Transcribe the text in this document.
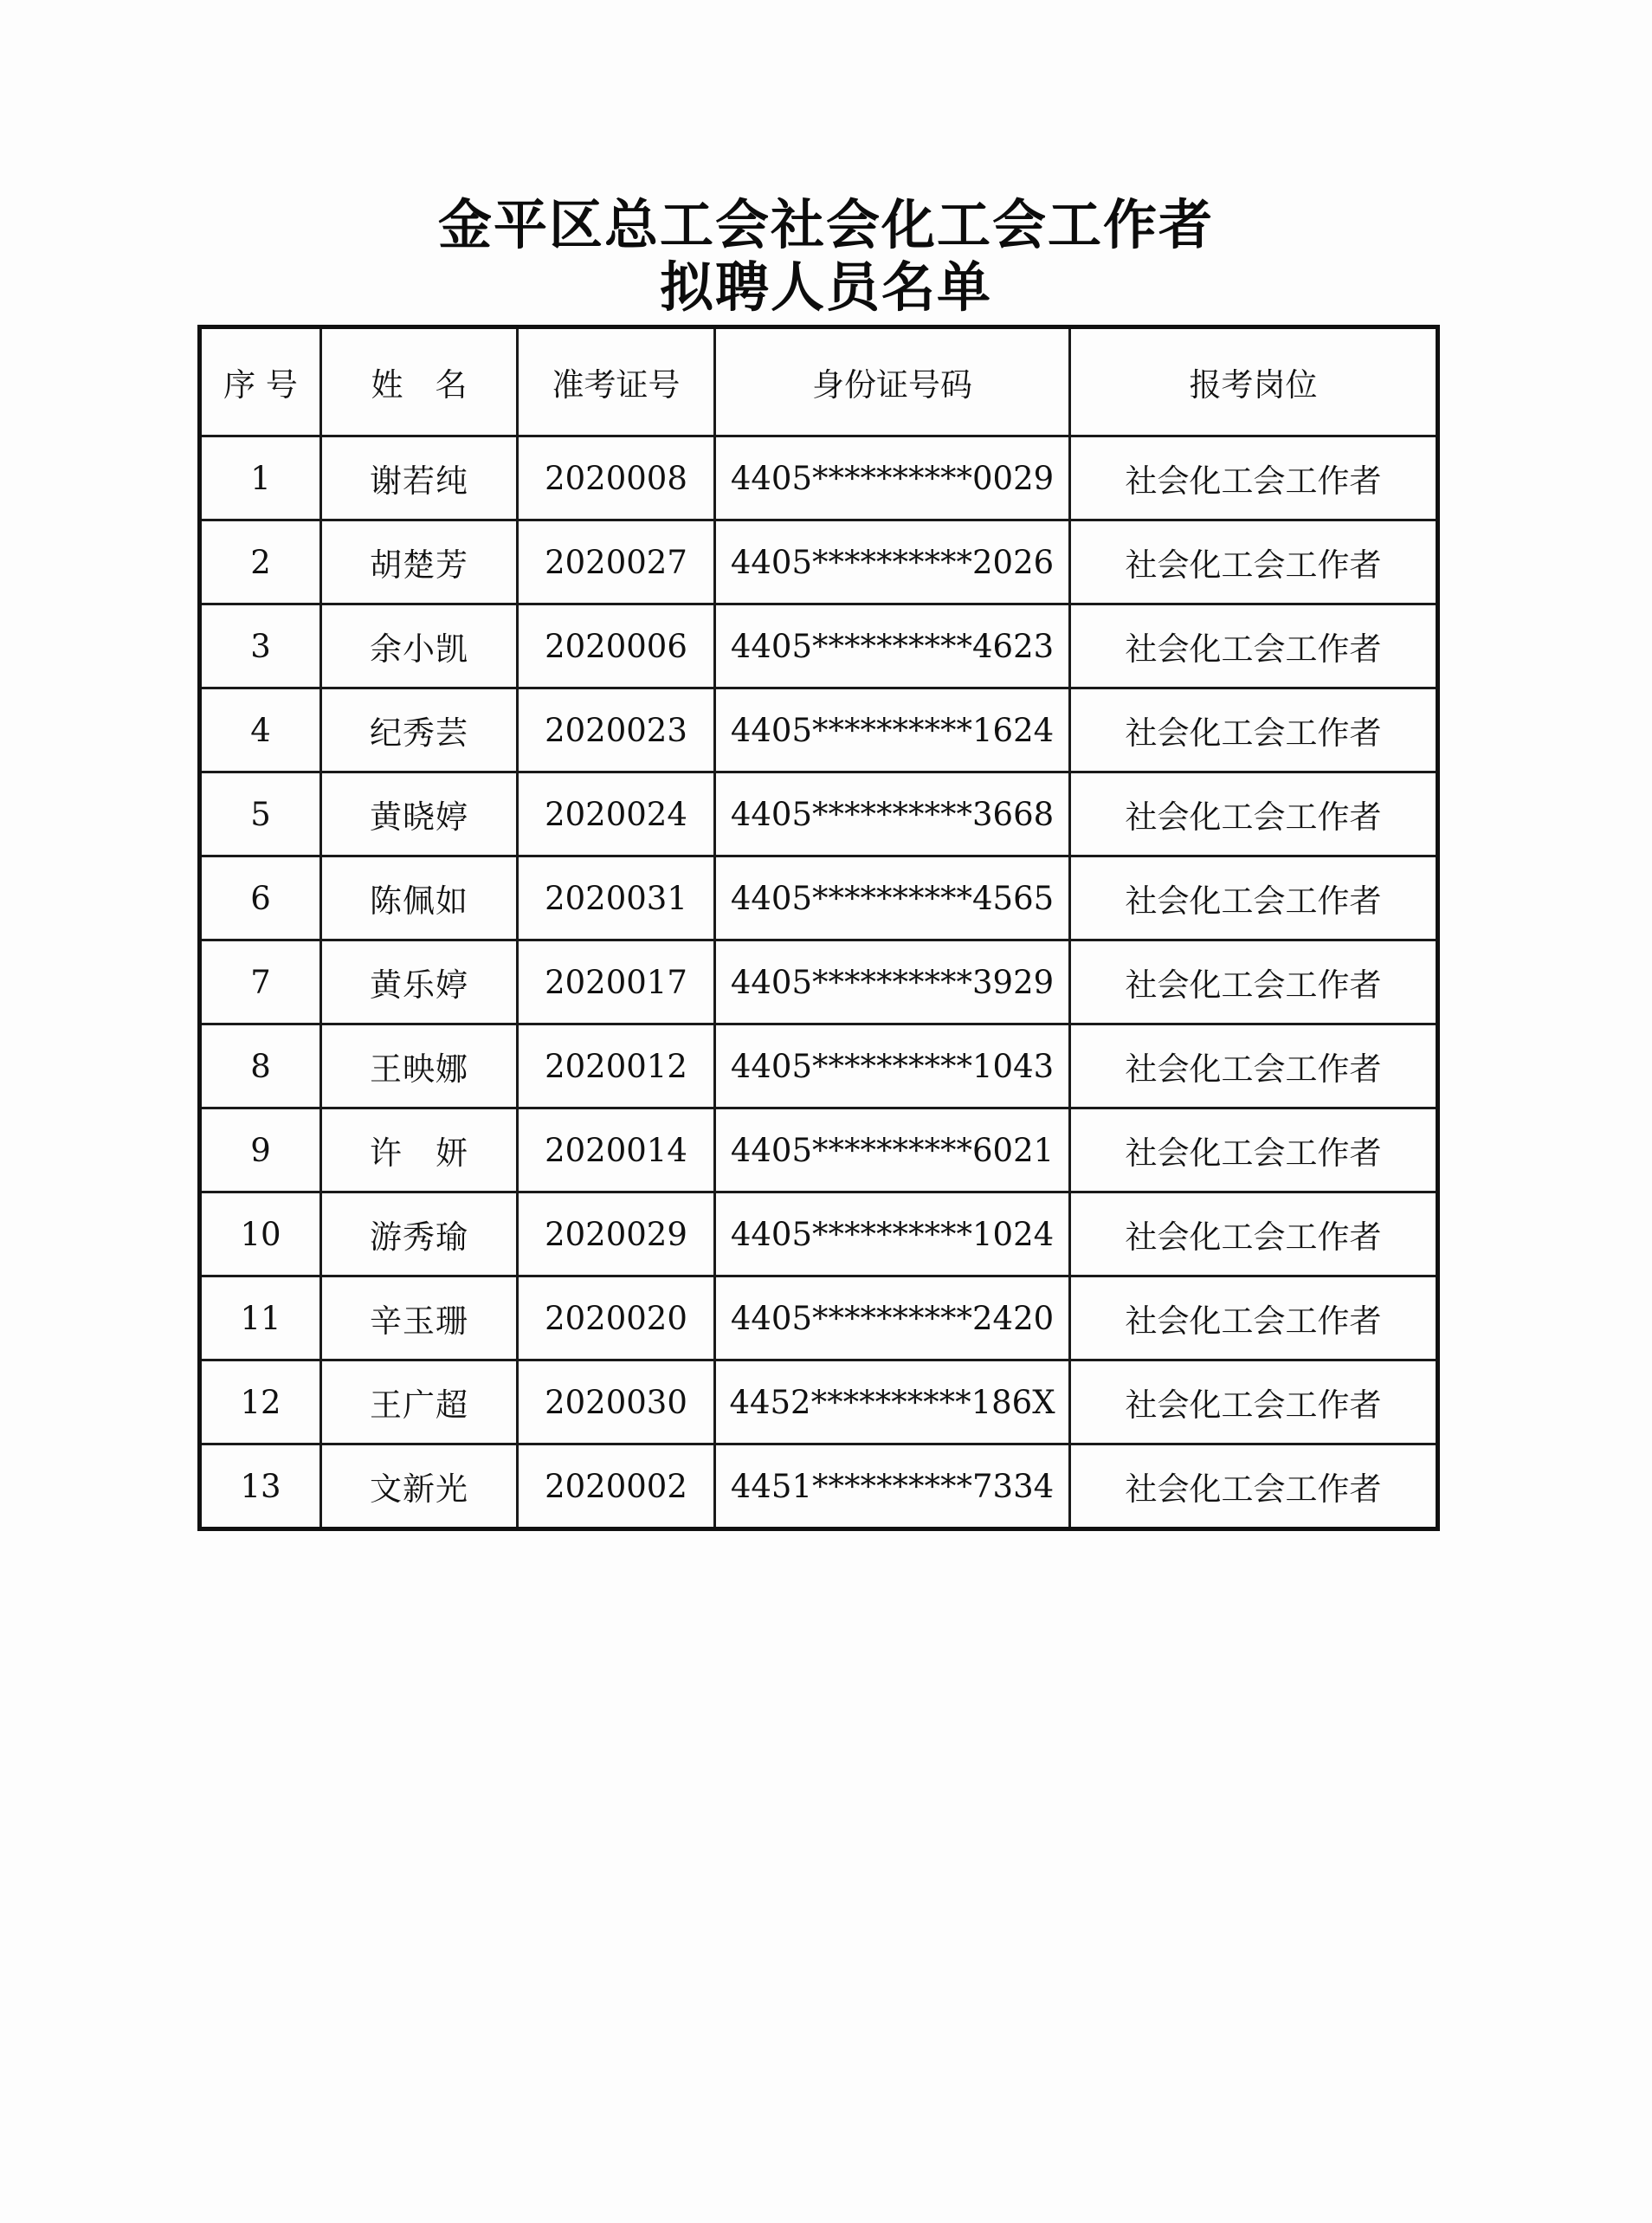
金平区总工会社会化工会工作者
拟聘人员名单
序 号	姓　名	准考证号	身份证号码	报考岗位
1	谢若纯	2020008	4405**********0029	社会化工会工作者
2	胡楚芳	2020027	4405**********2026	社会化工会工作者
3	余小凯	2020006	4405**********4623	社会化工会工作者
4	纪秀芸	2020023	4405**********1624	社会化工会工作者
5	黄晓婷	2020024	4405**********3668	社会化工会工作者
6	陈佩如	2020031	4405**********4565	社会化工会工作者
7	黄乐婷	2020017	4405**********3929	社会化工会工作者
8	王映娜	2020012	4405**********1043	社会化工会工作者
9	许　妍	2020014	4405**********6021	社会化工会工作者
10	游秀瑜	2020029	4405**********1024	社会化工会工作者
11	辛玉珊	2020020	4405**********2420	社会化工会工作者
12	王广超	2020030	4452**********186X	社会化工会工作者
13	文新光	2020002	4451**********7334	社会化工会工作者
